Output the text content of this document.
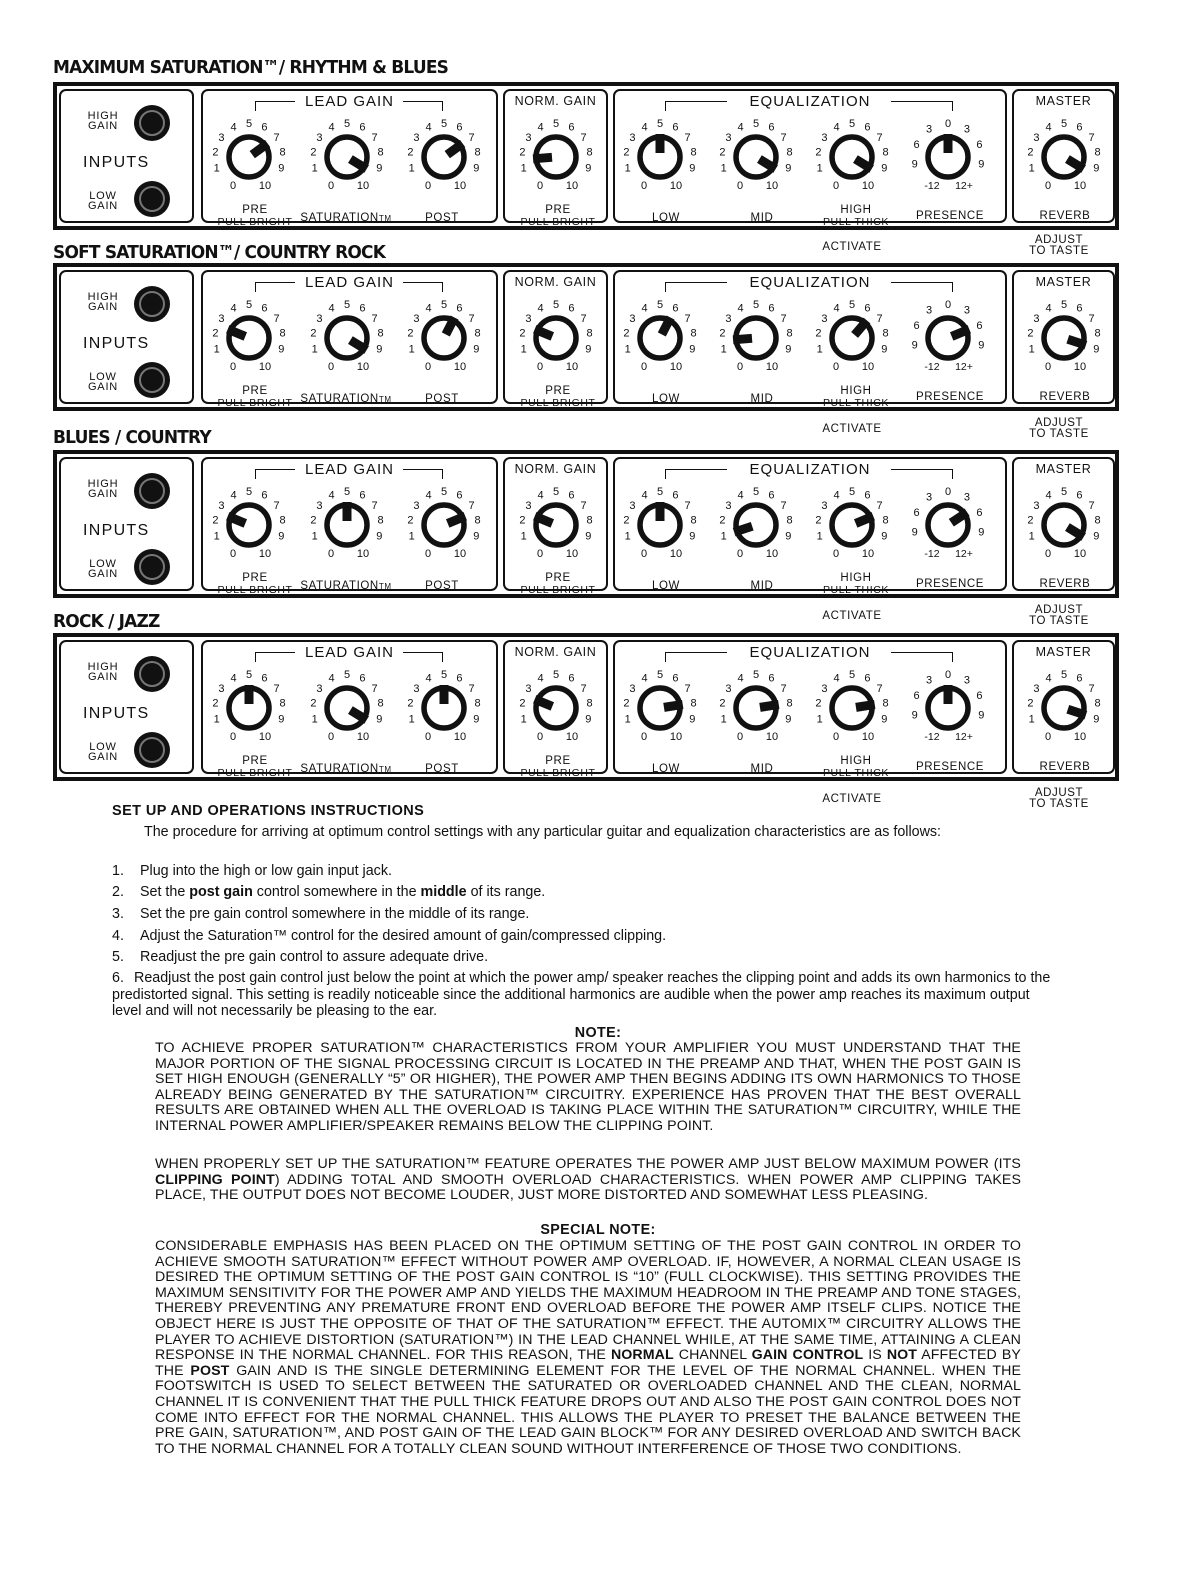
MAXIMUM SATURATION™/ RHYTHM & BLUES
HIGH
GAIN
INPUTS
LOW
GAIN
LEAD GAIN
0
1
2
3
4 5 6
7
8
9
10	0
1
2
3
4 5 6
7
8
9
10	0
1
2
3
4 5 6
7
8
9
10
PRE
PULL BRIGHT SATURATIONTM	POST
NORM. GAIN
0
1
2
3
4 5 6
7
8
9
10
PRE
PULL BRIGHT
EQUALIZATION
0
1
2
3
4 5 6
7
8
9
10	0
1
2
3
4 5 6
7
8
9
10	0
1
2
3
4 5 6
7
8
9
10	-12
9
6
3 0 3
6
9
12+
LOW	MID
HIGH
PULL THICK	PRESENCE
MASTER
0
1
2
3
4 5 6
7
8
9
10
REVERB
ACTIVATE
ADJUST
TO TASTE
SOFT SATURATION™/ COUNTRY ROCK
HIGH
GAIN
INPUTS
LOW
GAIN
LEAD GAIN
0
1
2
3
4 5 6
7
8
9
10	0
1
2
3
4 5 6
7
8
9
10	0
1
2
3
4 5 6
7
8
9
10
PRE
PULL BRIGHT SATURATIONTM	POST
NORM. GAIN
0
1
2
3
4 5 6
7
8
9
10
PRE
PULL BRIGHT
EQUALIZATION
0
1
2
3
4 5 6
7
8
9
10	0
1
2
3
4 5 6
7
8
9
10	0
1
2
3
4 5 6
7
8
9
10	-12
9
6
3 0 3
6
9
12+
LOW	MID
HIGH
PULL THICK	PRESENCE
MASTER
0
1
2
3
4 5 6
7
8
9
10
REVERB
ACTIVATE	ADJUST
TO TASTE
BLUES / COUNTRY
HIGH
GAIN
INPUTS
LOW
GAIN
LEAD GAIN
0
1
2
3
4 5 6
7
8
9
10	0
1
2
3
4 5 6
7
8
9
10	0
1
2
3
4 5 6
7
8
9
10
PRE
PULL BRIGHT SATURATIONTM	POST
NORM. GAIN
0
1
2
3
4 5 6
7
8
9
10
PRE
PULL BRIGHT
EQUALIZATION
0
1
2
3
4 5 6
7
8
9
10	0
1
2
3
4 5 6
7
8
9
10	0
1
2
3
4 5 6
7
8
9
10	-12
9
6
3 0 3
6
9
12+
LOW	MID
HIGH
PULL THICK	PRESENCE
MASTER
0
1
2
3
4 5 6
7
8
9
10
REVERB
ACTIVATE	ADJUST
TO TASTE
ROCK / JAZZ
HIGH
GAIN
INPUTS
LOW
GAIN
LEAD GAIN
0
1
2
3
4 5 6
7
8
9
10	0
1
2
3
4 5 6
7
8
9
10	0
1
2
3
4 5 6
7
8
9
10
PRE
PULL BRIGHT SATURATIONTM	POST
NORM. GAIN
0
1
2
3
4 5 6
7
8
9
10
PRE
PULL BRIGHT
EQUALIZATION
0
1
2
3
4 5 6
7
8
9
10	0
1
2
3
4 5 6
7
8
9
10	0
1
2
3
4 5 6
7
8
9
10	-12
9
6
3 0 3
6
9
12+
LOW	MID
HIGH
PULL THICK	PRESENCE
MASTER
0
1
2
3
4 5 6
7
8
9
10
REVERB
ACTIVATE	ADJUST
TO TASTE
SET UP AND OPERATIONS INSTRUCTIONS
The procedure for arriving at optimum control settings with any particular guitar and equalization characteristics are as follows:
1. Plug into the high or low gain input jack.
2. Set the post gain control somewhere in the middle of its range.
3. Set the pre gain control somewhere in the middle of its range.
4. Adjust the Saturation™ control for the desired amount of gain/compressed clipping.
5. Readjust the pre gain control to assure adequate drive.
6. Readjust the post gain control just below the point at which the power amp/ speaker reaches the clipping point and adds its own harmonics to the predistorted signal. This setting is readily noticeable since the additional harmonics are audible when the power amp reaches its maximum output level and will not necessarily be pleasing to the ear.
NOTE:
TO ACHIEVE PROPER SATURATION™ CHARACTERISTICS FROM YOUR AMPLIFIER YOU MUST UNDERSTAND THAT THE MAJOR PORTION OF THE SIGNAL PROCESSING CIRCUIT IS LOCATED IN THE PREAMP AND THAT, WHEN THE POST GAIN IS SET HIGH ENOUGH (GENERALLY “5” OR HIGHER), THE POWER AMP THEN BEGINS ADDING ITS OWN HARMONICS TO THOSE ALREADY BEING GENERATED BY THE SATURATION™ CIRCUITRY. EXPERIENCE HAS PROVEN THAT THE BEST OVERALL RESULTS ARE OBTAINED WHEN ALL THE OVERLOAD IS TAKING PLACE WITHIN THE SATURATION™ CIRCUITRY, WHILE THE INTERNAL POWER AMPLIFIER/SPEAKER REMAINS BELOW THE CLIPPING POINT.
WHEN PROPERLY SET UP THE SATURATION™ FEATURE OPERATES THE POWER AMP JUST BELOW MAXIMUM POWER (ITS CLIPPING POINT) ADDING TOTAL AND SMOOTH OVERLOAD CHARACTERISTICS. WHEN POWER AMP CLIPPING TAKES PLACE, THE OUTPUT DOES NOT BECOME LOUDER, JUST MORE DISTORTED AND SOMEWHAT LESS PLEASING.
SPECIAL NOTE:
CONSIDERABLE EMPHASIS HAS BEEN PLACED ON THE OPTIMUM SETTING OF THE POST GAIN CONTROL IN ORDER TO ACHIEVE SMOOTH SATURATION™ EFFECT WITHOUT POWER AMP OVERLOAD. IF, HOWEVER, A NORMAL CLEAN USAGE IS DESIRED THE OPTIMUM SETTING OF THE POST GAIN CONTROL IS “10” (FULL CLOCKWISE). THIS SETTING PROVIDES THE MAXIMUM SENSITIVITY FOR THE POWER AMP AND YIELDS THE MAXIMUM HEADROOM IN THE PREAMP AND TONE STAGES, THEREBY PREVENTING ANY PREMATURE FRONT END OVERLOAD BEFORE THE POWER AMP ITSELF CLIPS. NOTICE THE OBJECT HERE IS JUST THE OPPOSITE OF THAT OF THE SATURATION™ EFFECT. THE AUTOMIX™ CIRCUITRY ALLOWS THE PLAYER TO ACHIEVE DISTORTION (SATURATION™) IN THE LEAD CHANNEL WHILE, AT THE SAME TIME, ATTAINING A CLEAN RESPONSE IN THE NORMAL CHANNEL. FOR THIS REASON, THE NORMAL CHANNEL GAIN CONTROL IS NOT AFFECTED BY THE POST GAIN AND IS THE SINGLE DETERMINING ELEMENT FOR THE LEVEL OF THE NORMAL CHANNEL. WHEN THE FOOTSWITCH IS USED TO SELECT BETWEEN THE SATURATED OR OVERLOADED CHANNEL AND THE CLEAN, NORMAL CHANNEL IT IS CONVENIENT THAT THE PULL THICK FEATURE DROPS OUT AND ALSO THE POST GAIN CONTROL DOES NOT COME INTO EFFECT FOR THE NORMAL CHANNEL. THIS ALLOWS THE PLAYER TO PRESET THE BALANCE BETWEEN THE PRE GAIN, SATURATION™, AND POST GAIN OF THE LEAD GAIN BLOCK™ FOR ANY DESIRED OVERLOAD AND SWITCH BACK TO THE NORMAL CHANNEL FOR A TOTALLY CLEAN SOUND WITHOUT INTERFERENCE OF THOSE TWO CONDITIONS.
